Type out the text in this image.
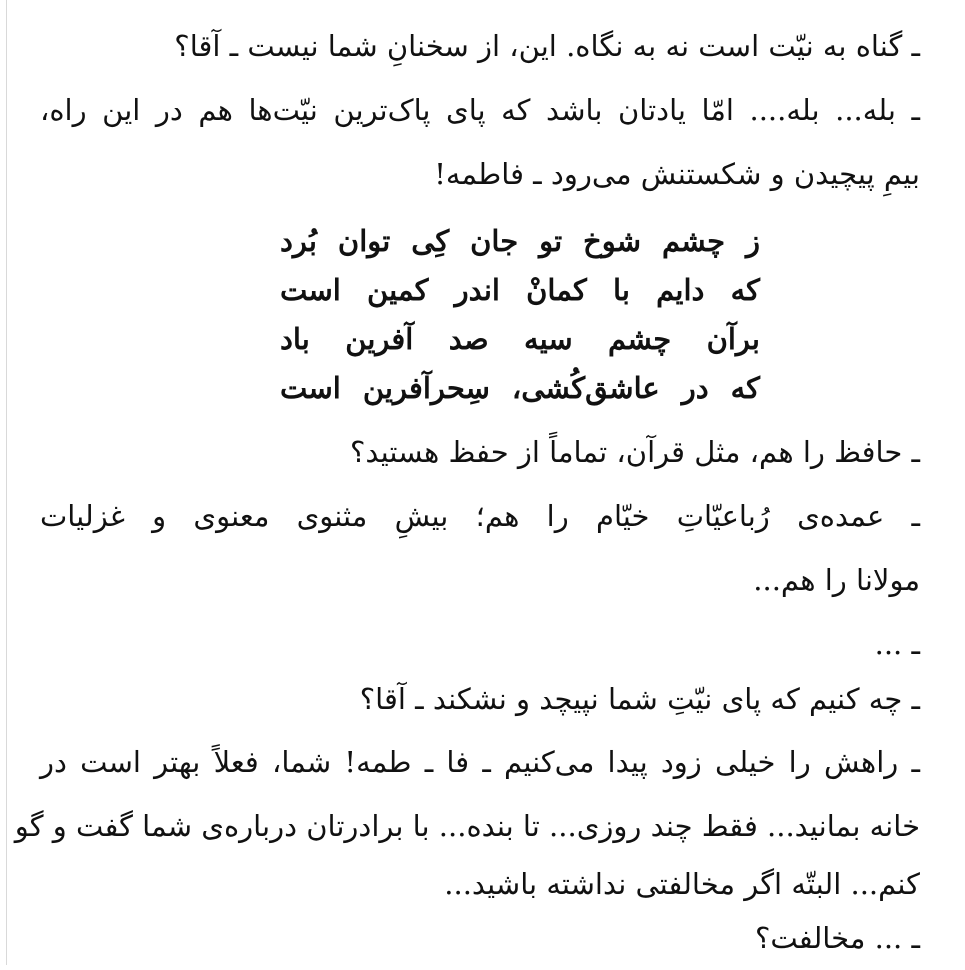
ـ گناه به نیّت است نه به نگاه. این، از سخنانِ شما نیست ـ آقا؟
ـ بله... بله.... امّا یادتان باشد که پای پاک‌ترین نیّت‌ها هم در این راه،
بیمِ پیچیدن و شکستنش می‌رود ـ فاطمه!
ز چشم شوخ تو جان کِی توان بُرد
که دایم با کمانْ اندر کمین است
برآن چشم سیه صد آفرین باد
که در عاشق‌کُشی، سِحرآفرین است
ـ حافظ را هم، مثل قرآن، تماماً از حفظ هستید؟
ـ عمده‌ی رُباعیّاتِ خیّام را هم؛ بیشِ مثنوی معنوی و غزلیات
مولانا را هم...
ـ ...
ـ چه کنیم که پای نیّتِ شما نپیچد و نشکند ـ آقا؟
ـ راهش را خیلی زود پیدا می‌کنیم ـ فا ـ طمه! شما، فعلاً بهتر است در
خانه بمانید... فقط چند روزی... تا بنده... با برادرتان درباره‌ی شما گفت و گو
کنم... البتّه اگر مخالفتی نداشته باشید...
ـ ... مخالفت؟
